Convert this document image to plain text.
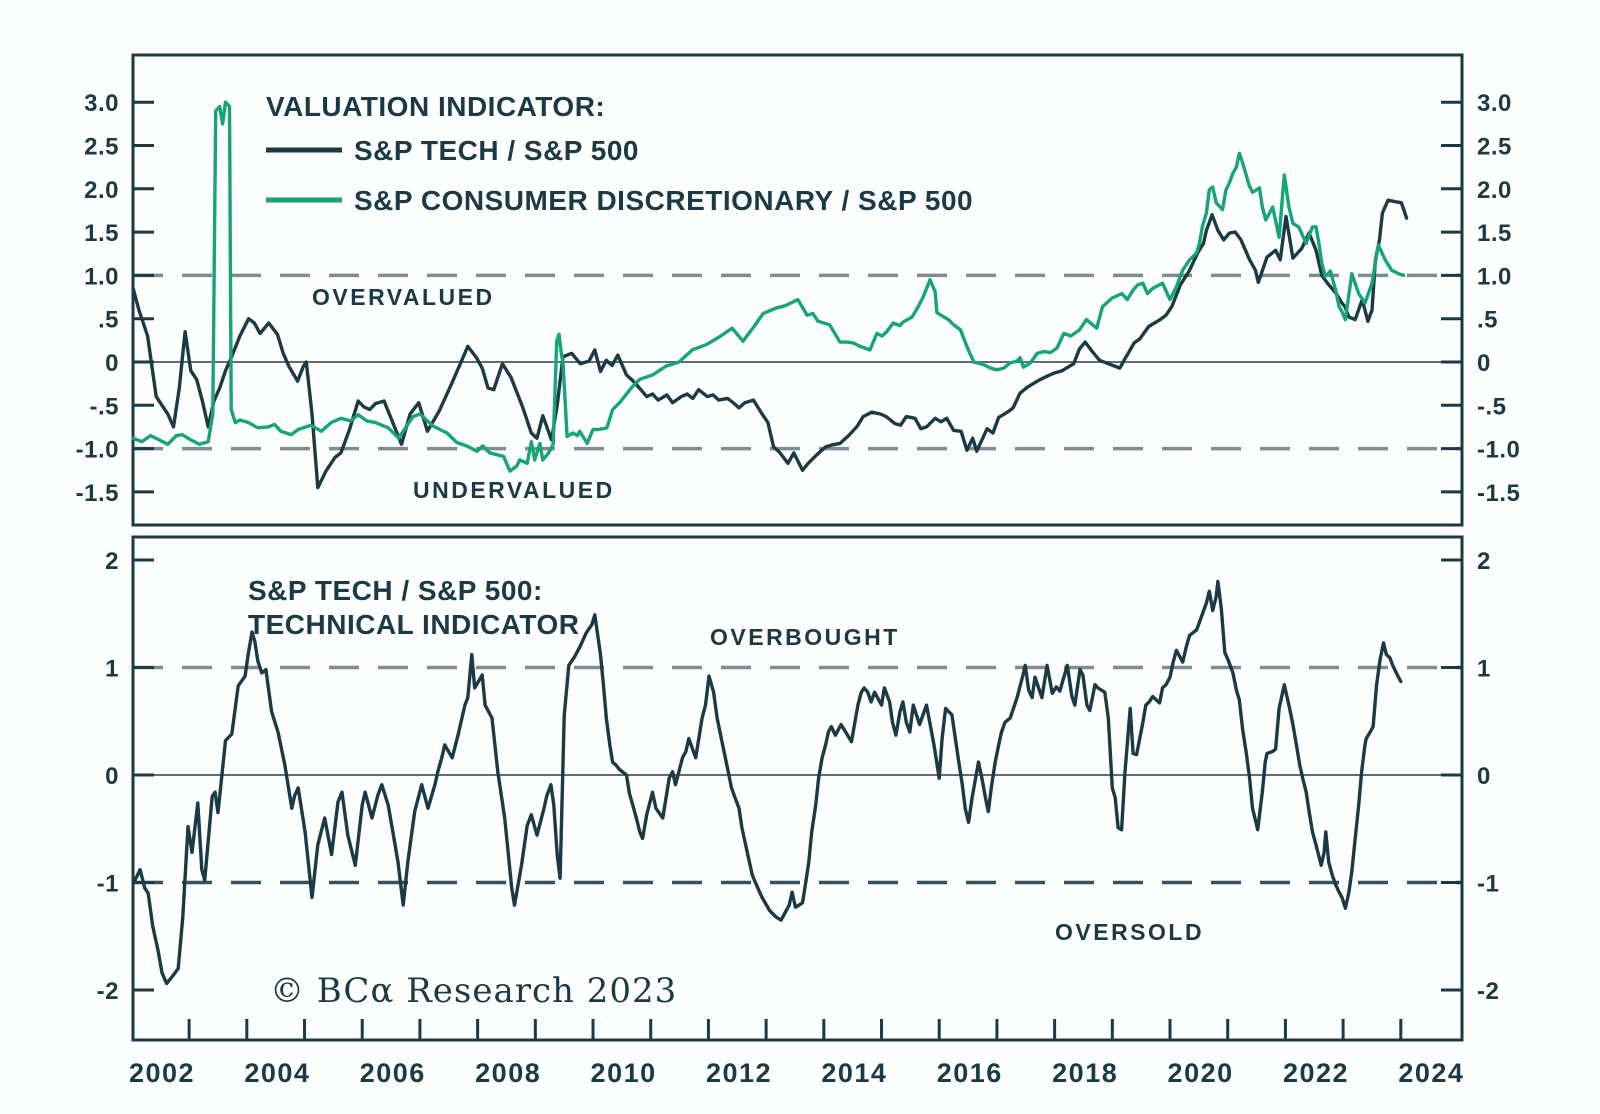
3.0	3.0
2.5	2.5
2.0	2.0
1.5	1.5
1.0	1.0
.5	.5
0	0
-.5	-.5
-1.0	-1.0
-1.5	-1.5
2	2
1	1
0	0
-1	-1
-2	-2
2002 2004 2006 2008 2010 2012 2014 2016 2018 2020 2022 2024
VALUATION INDICATOR:
S&P TECH / S&P 500
S&P CONSUMER DISCRETIONARY / S&P 500
OVERVALUED
UNDERVALUED
S&P TECH / S&P 500:
TECHNICAL INDICATOR	OVERBOUGHT
OVERSOLD
© BCα Research 2023
